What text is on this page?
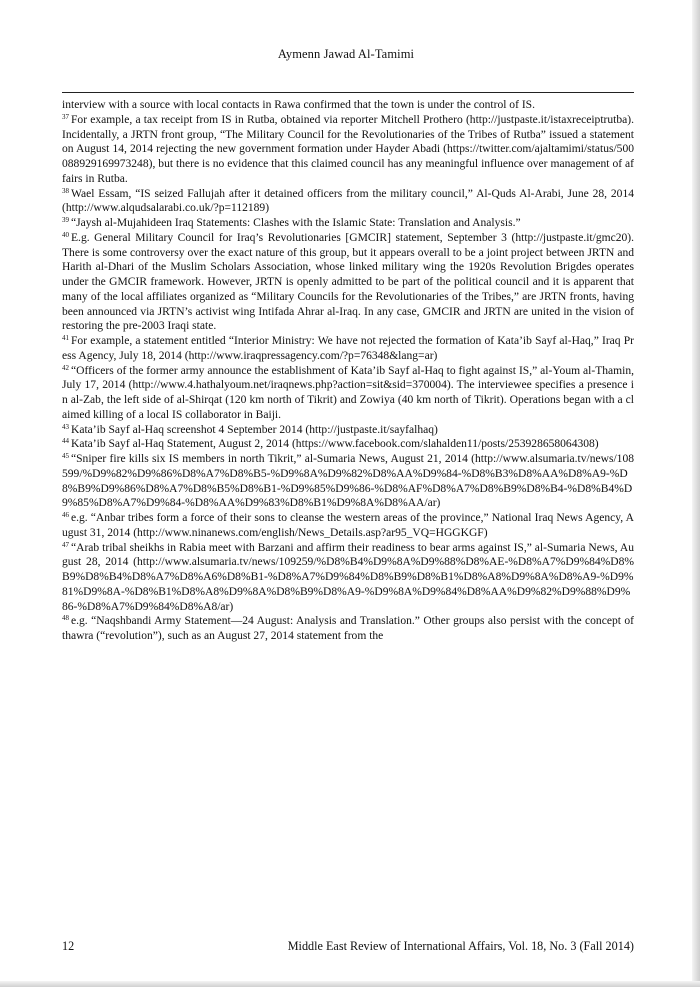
Aymenn Jawad Al-Tamimi

interview with a source with local contacts in Rawa confirmed that the town is under the control of IS.

$^{37}$ For example, a tax receipt from IS in Rutba, obtained via reporter Mitchell Prothero (http://justpaste.it/istaxreceiptrutba). Incidentally, a JRTN front group, “The Military Council for the Revolutionaries of the Tribes of Rutba” issued a statement on August 14, 2014 rejecting the new government formation under Hayder Abadi (https://twitter.com/ajaltamimi/status/500088929169973248), but there is no evidence that this claimed council has any meaningful influence over management of affairs in Rutba.

$^{38}$ Wael Essam, “IS seized Fallujah after it detained officers from the military council,” Al-Quds Al-Arabi, June 28, 2014 (http://www.alqudsalarabi.co.uk/?p=112189)

$^{39}$ “Jaysh al-Mujahideen Iraq Statements: Clashes with the Islamic State: Translation and Analysis.”

$^{40}$ E.g. General Military Council for Iraq’s Revolutionaries [GMCIR] statement, September 3 (http://justpaste.it/gmc20). There is some controversy over the exact nature of this group, but it appears overall to be a joint project between JRTN and Harith al-Dhari of the Muslim Scholars Association, whose linked military wing the 1920s Revolution Brigdes operates under the GMCIR framework. However, JRTN is openly admitted to be part of the political council and it is apparent that many of the local affiliates organized as “Military Councils for the Revolutionaries of the Tribes,” are JRTN fronts, having been announced via JRTN’s activist wing Intifada Ahrar al-Iraq. In any case, GMCIR and JRTN are united in the vision of restoring the pre-2003 Iraqi state.

$^{41}$ For example, a statement entitled “Interior Ministry: We have not rejected the formation of Kata’ib Sayf al-Haq,” Iraq Press Agency, July 18, 2014 (http://www.iraqpressagency.com/?p=76348&lang=ar)

$^{42}$ “Officers of the former army announce the establishment of Kata’ib Sayf al-Haq to fight against IS,” al-Youm al-Thamin, July 17, 2014 (http://www.4.hathalyoum.net/iraqnews.php?action=sit&sid=370004). The interviewee specifies a presence in al-Zab, the left side of al-Shirqat (120 km north of Tikrit) and Zowiya (40 km north of Tikrit). Operations began with a claimed killing of a local IS collaborator in Baiji.

$^{43}$ Kata’ib Sayf al-Haq screenshot 4 September 2014 (http://justpaste.it/sayfalhaq)

$^{44}$ Kata’ib Sayf al-Haq Statement, August 2, 2014 (https://www.facebook.com/slahalden11/posts/253928658064308)

$^{45}$ “Sniper fire kills six IS members in north Tikrit,” al-Sumaria News, August 21, 2014 (http://www.alsumaria.tv/news/108599/%D9%82%D9%86%D8%A7%D8%B5-%D9%8A%D9%82%D8%AA%D9%84-%D8%B3%D8%AA%D8%A9-%D8%B9%D9%86%D8%A7%D8%B5%D8%B1-%D9%85%D9%86-%D8%AF%D8%A7%D8%B9%D8%B4-%D8%B4%D9%85%D8%A7%D9%84-%D8%AA%D9%83%D8%B1%D9%8A%D8%AA/ar)

$^{46}$ e.g. “Anbar tribes form a force of their sons to cleanse the western areas of the province,” National Iraq News Agency, August 31, 2014 (http://www.ninanews.com/english/News_Details.asp?ar95_VQ=HGGKGF)

$^{47}$ “Arab tribal sheikhs in Rabia meet with Barzani and affirm their readiness to bear arms against IS,” al-Sumaria News, August 28, 2014 (http://www.alsumaria.tv/news/109259/%D8%B4%D9%8A%D9%88%D8%AE-%D8%A7%D9%84%D8%B9%D8%B4%D8%A7%D8%A6%D8%B1-%D8%A7%D9%84%D8%B9%D8%B1%D8%A8%D9%8A%D8%A9-%D9%81%D9%8A-%D8%B1%D8%A8%D9%8A%D8%B9%D8%A9-%D9%8A%D9%84%D8%AA%D9%82%D9%88%D9%86-%D8%A7%D9%84%D8%A8/ar)

$^{48}$ e.g. “Naqshbandi Army Statement—24 August: Analysis and Translation.” Other groups also persist with the concept of thawra (“revolution”), such as an August 27, 2014 statement from the

12	Middle East Review of International Affairs, Vol. 18, No. 3 (Fall 2014)
